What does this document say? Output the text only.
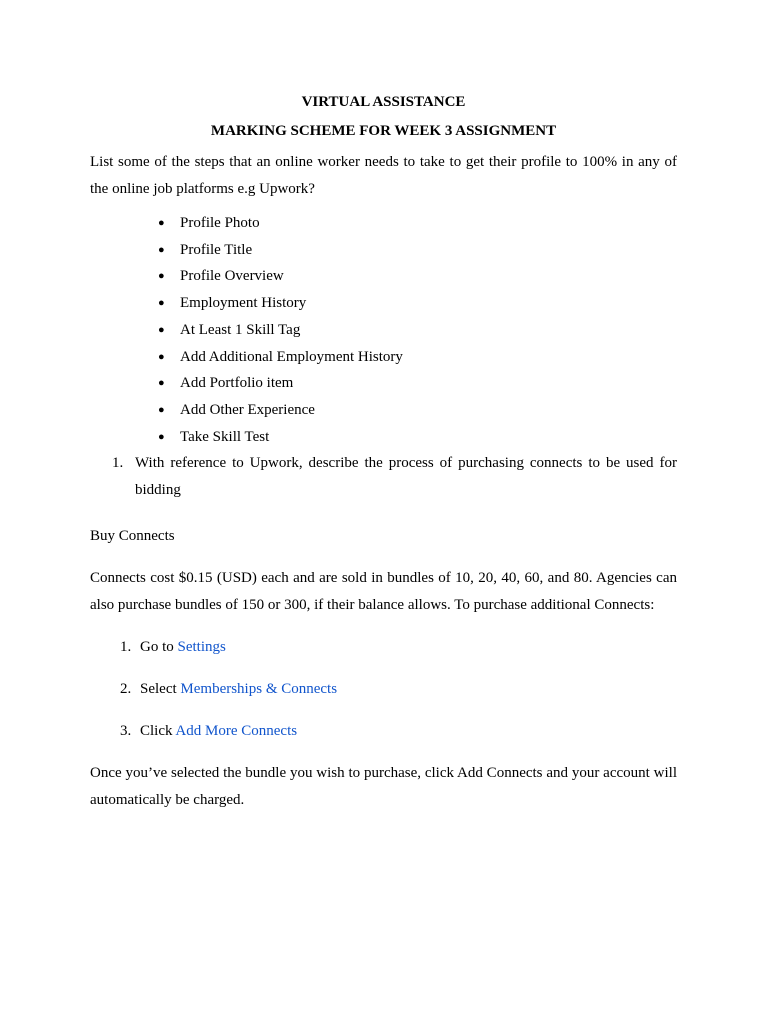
VIRTUAL ASSISTANCE

MARKING SCHEME FOR WEEK 3 ASSIGNMENT

List some of the steps that an online worker needs to take to get their profile to 100% in any of the online job platforms e.g Upwork?

● Profile Photo
● Profile Title
● Profile Overview
● Employment History
● At Least 1 Skill Tag
● Add Additional Employment History
● Add Portfolio item
● Add Other Experience
● Take Skill Test

1. With reference to Upwork, describe the process of purchasing connects to be used for bidding

Buy Connects

Connects cost $0.15 (USD) each and are sold in bundles of 10, 20, 40, 60, and 80. Agencies can also purchase bundles of 150 or 300, if their balance allows. To purchase additional Connects:

1. Go to Settings
2. Select Memberships & Connects
3. Click Add More Connects

Once you’ve selected the bundle you wish to purchase, click Add Connects and your account will automatically be charged.
